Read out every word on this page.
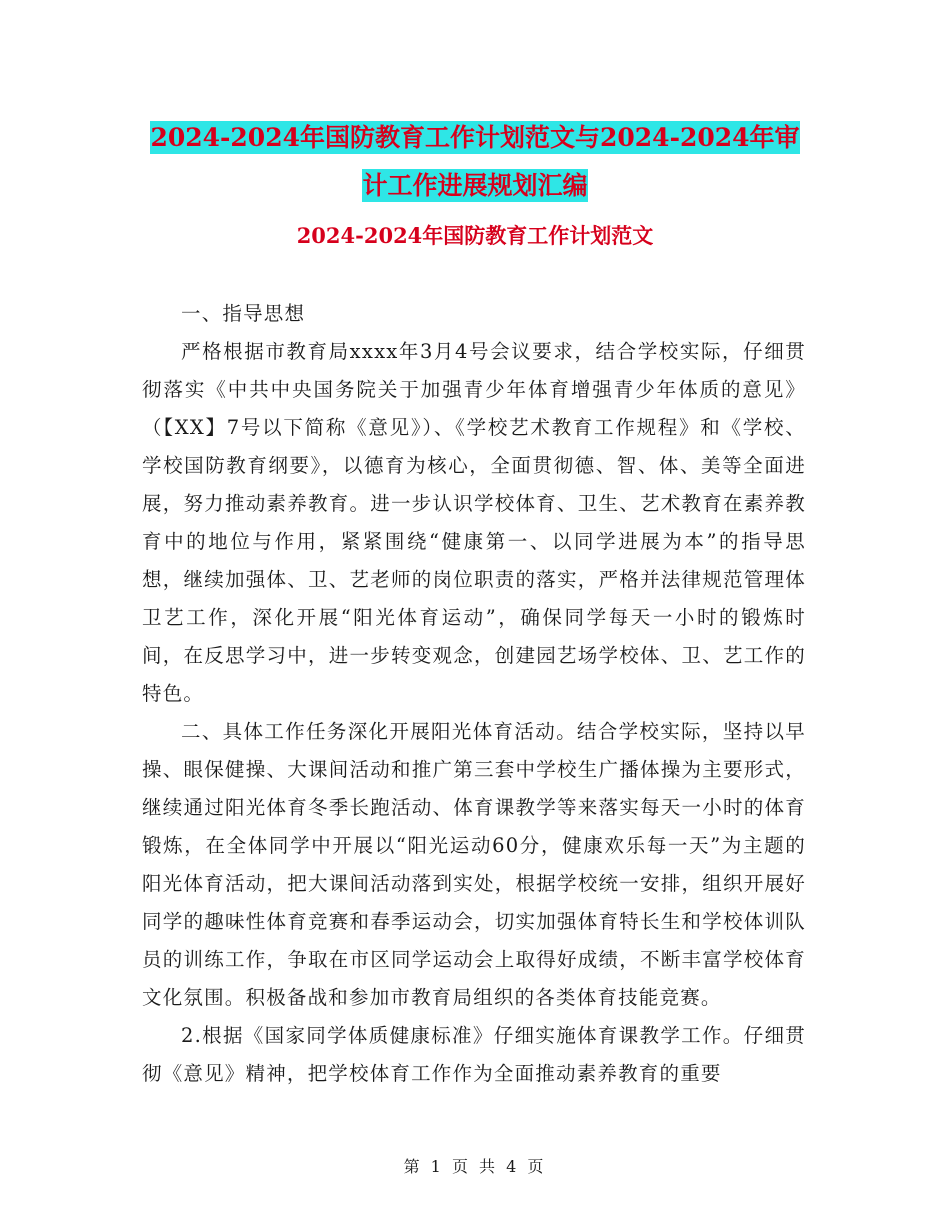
2024-2024年国防教育工作计划范文与2024-2024年审
计工作进展规划汇编
2024-2024年国防教育工作计划范文

一、指导思想

严格根据市教育局xxxx年3月4号会议要求，结合学校实际，仔细贯彻落实《中共中央国务院关于加强青少年体育增强青少年体质的意见》（【XX】7号以下简称《意见》）、《学校艺术教育工作规程》和《学校、学校国防教育纲要》，以德育为核心，全面贯彻德、智、体、美等全面进展，努力推动素养教育。进一步认识学校体育、卫生、艺术教育在素养教育中的地位与作用，紧紧围绕“健康第一、以同学进展为本”的指导思想，继续加强体、卫、艺老师的岗位职责的落实，严格并法律规范管理体卫艺工作，深化开展“阳光体育运动”，确保同学每天一小时的锻炼时间，在反思学习中，进一步转变观念，创建园艺场学校体、卫、艺工作的特色。

二、具体工作任务深化开展阳光体育活动。结合学校实际，坚持以早操、眼保健操、大课间活动和推广第三套中学校生广播体操为主要形式，继续通过阳光体育冬季长跑活动、体育课教学等来落实每天一小时的体育锻炼，在全体同学中开展以“阳光运动60分，健康欢乐每一天”为主题的阳光体育活动，把大课间活动落到实处，根据学校统一安排，组织开展好同学的趣味性体育竞赛和春季运动会，切实加强体育特长生和学校体训队员的训练工作，争取在市区同学运动会上取得好成绩，不断丰富学校体育文化氛围。积极备战和参加市教育局组织的各类体育技能竞赛。

2.根据《国家同学体质健康标准》仔细实施体育课教学工作。仔细贯彻《意见》精神，把学校体育工作作为全面推动素养教育的重要

第 1 页 共 4 页
